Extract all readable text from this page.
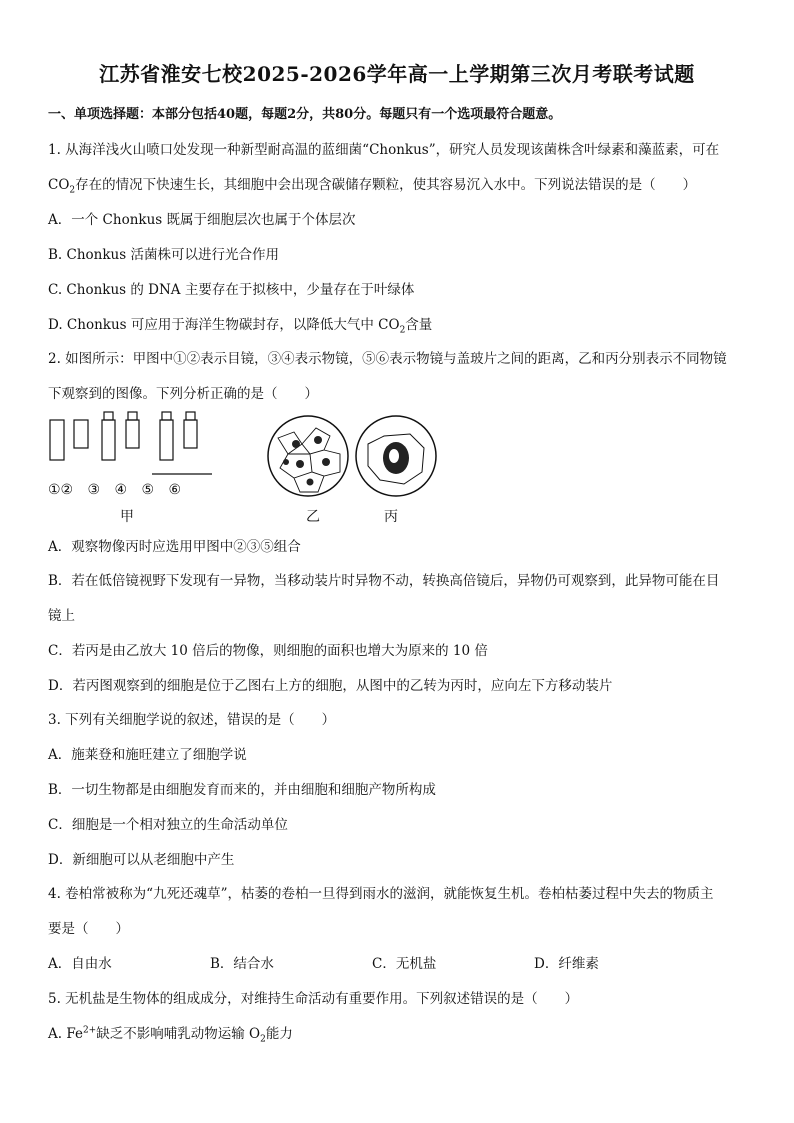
江苏省淮安七校2025-2026学年高一上学期第三次月考联考试题
一、单项选择题：本部分包括40题，每题2分，共80分。每题只有一个选项最符合题意。
1. 从海洋浅火山喷口处发现一种新型耐高温的蓝细菌“Chonkus”，研究人员发现该菌株含叶绿素和藻蓝素，可在
$CO_2$存在的情况下快速生长，其细胞中会出现含碳储存颗粒，使其容易沉入水中。下列说法错误的是（　　）
A．一个 Chonkus 既属于细胞层次也属于个体层次
B. Chonkus 活菌株可以进行光合作用
C. Chonkus 的 DNA 主要存在于拟核中，少量存在于叶绿体
D. Chonkus 可应用于海洋生物碳封存，以降低大气中 $CO_2$含量
2. 如图所示：甲图中①②表示目镜，③④表示物镜，⑤⑥表示物镜与盖玻片之间的距离，乙和丙分别表示不同物镜
下观察到的图像。下列分析正确的是（　　）
①② ③ ④ ⑤ ⑥
甲	乙	丙
A．观察物像丙时应选用甲图中②③⑤组合
B．若在低倍镜视野下发现有一异物，当移动装片时异物不动，转换高倍镜后，异物仍可观察到，此异物可能在目
镜上
C．若丙是由乙放大 10 倍后的物像，则细胞的面积也增大为原来的 10 倍
D．若丙图观察到的细胞是位于乙图右上方的细胞，从图中的乙转为丙时，应向左下方移动装片
3. 下列有关细胞学说的叙述，错误的是（　　）
A．施莱登和施旺建立了细胞学说
B．一切生物都是由细胞发育而来的，并由细胞和细胞产物所构成
C．细胞是一个相对独立的生命活动单位
D．新细胞可以从老细胞中产生
4. 卷柏常被称为“九死还魂草”，枯萎的卷柏一旦得到雨水的滋润，就能恢复生机。卷柏枯萎过程中失去的物质主
要是（　　）
A．自由水	B．结合水	C．无机盐	D．纤维素
5. 无机盐是生物体的组成成分，对维持生命活动有重要作用。下列叙述错误的是（　　）
A. $Fe^{2+}$缺乏不影响哺乳动物运输 $O_2$能力
